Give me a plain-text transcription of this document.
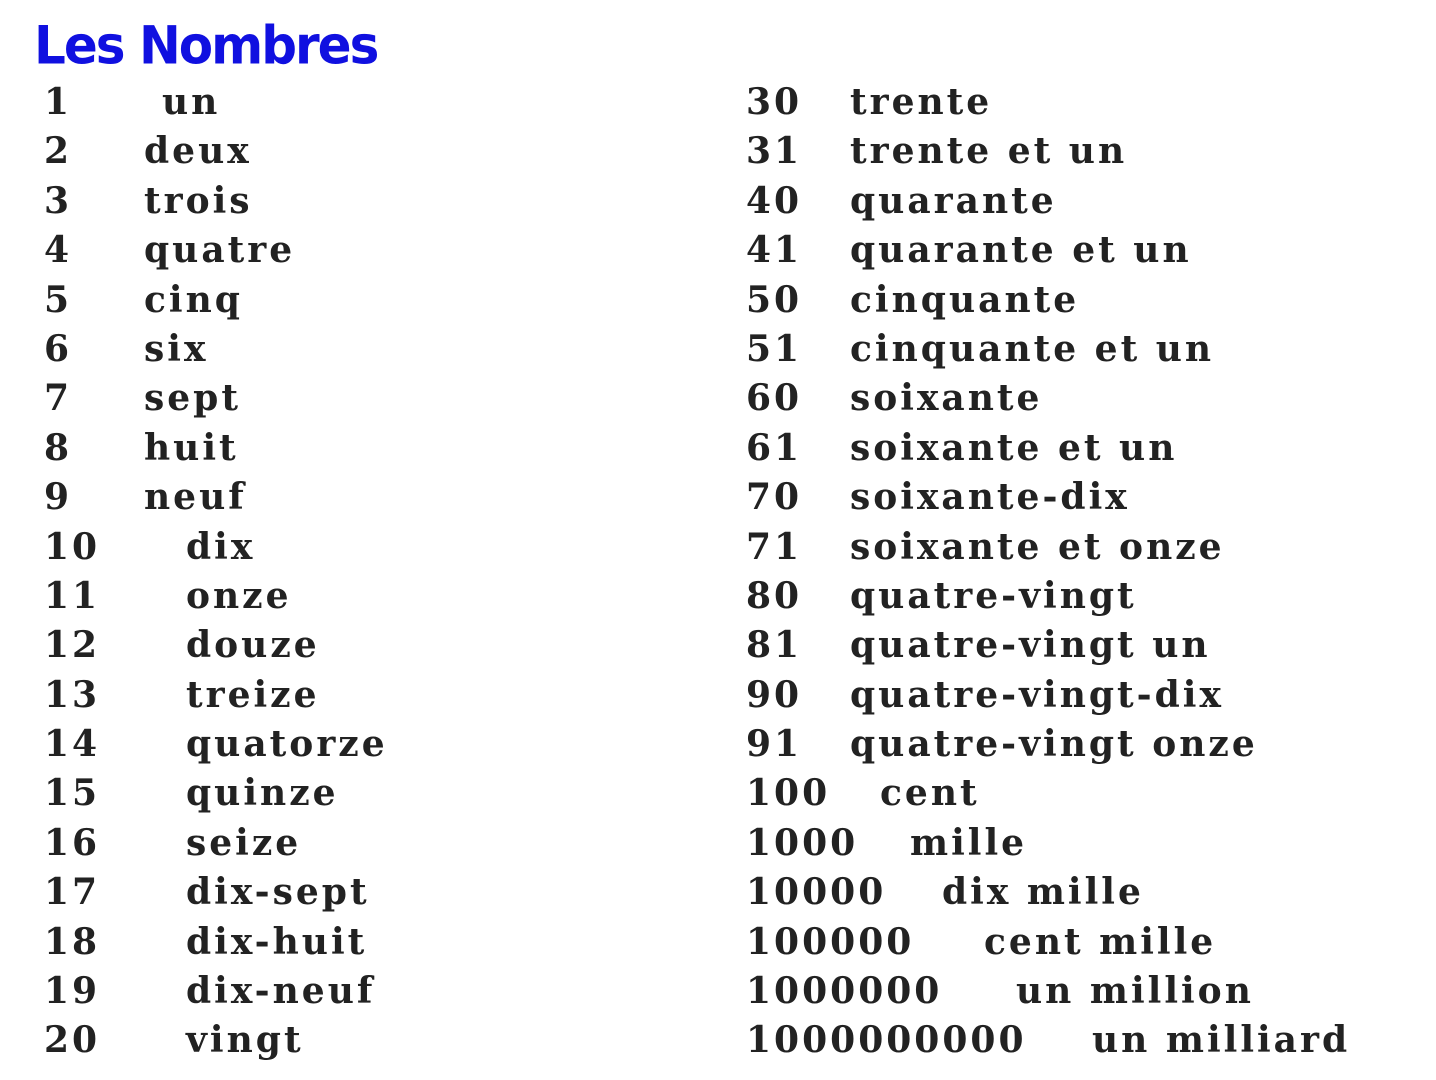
Les Nombres
1 un
2 deux
3 trois
4 quatre
5 cinq
6 six
7 sept
8 huit
9 neuf
10 dix
11 onze
12 douze
13 treize
14 quatorze
15 quinze
16 seize
17 dix-sept
18 dix-huit
19 dix-neuf
20 vingt
30 trente
31 trente et un
40 quarante
41 quarante et un
50 cinquante
51 cinquante et un
60 soixante
61 soixante et un
70 soixante-dix
71 soixante et onze
80 quatre-vingt
81 quatre-vingt un
90 quatre-vingt-dix
91 quatre-vingt onze
100 cent
1000 mille
10000 dix mille
100000 cent mille
1000000 un million
1000000000 un milliard
